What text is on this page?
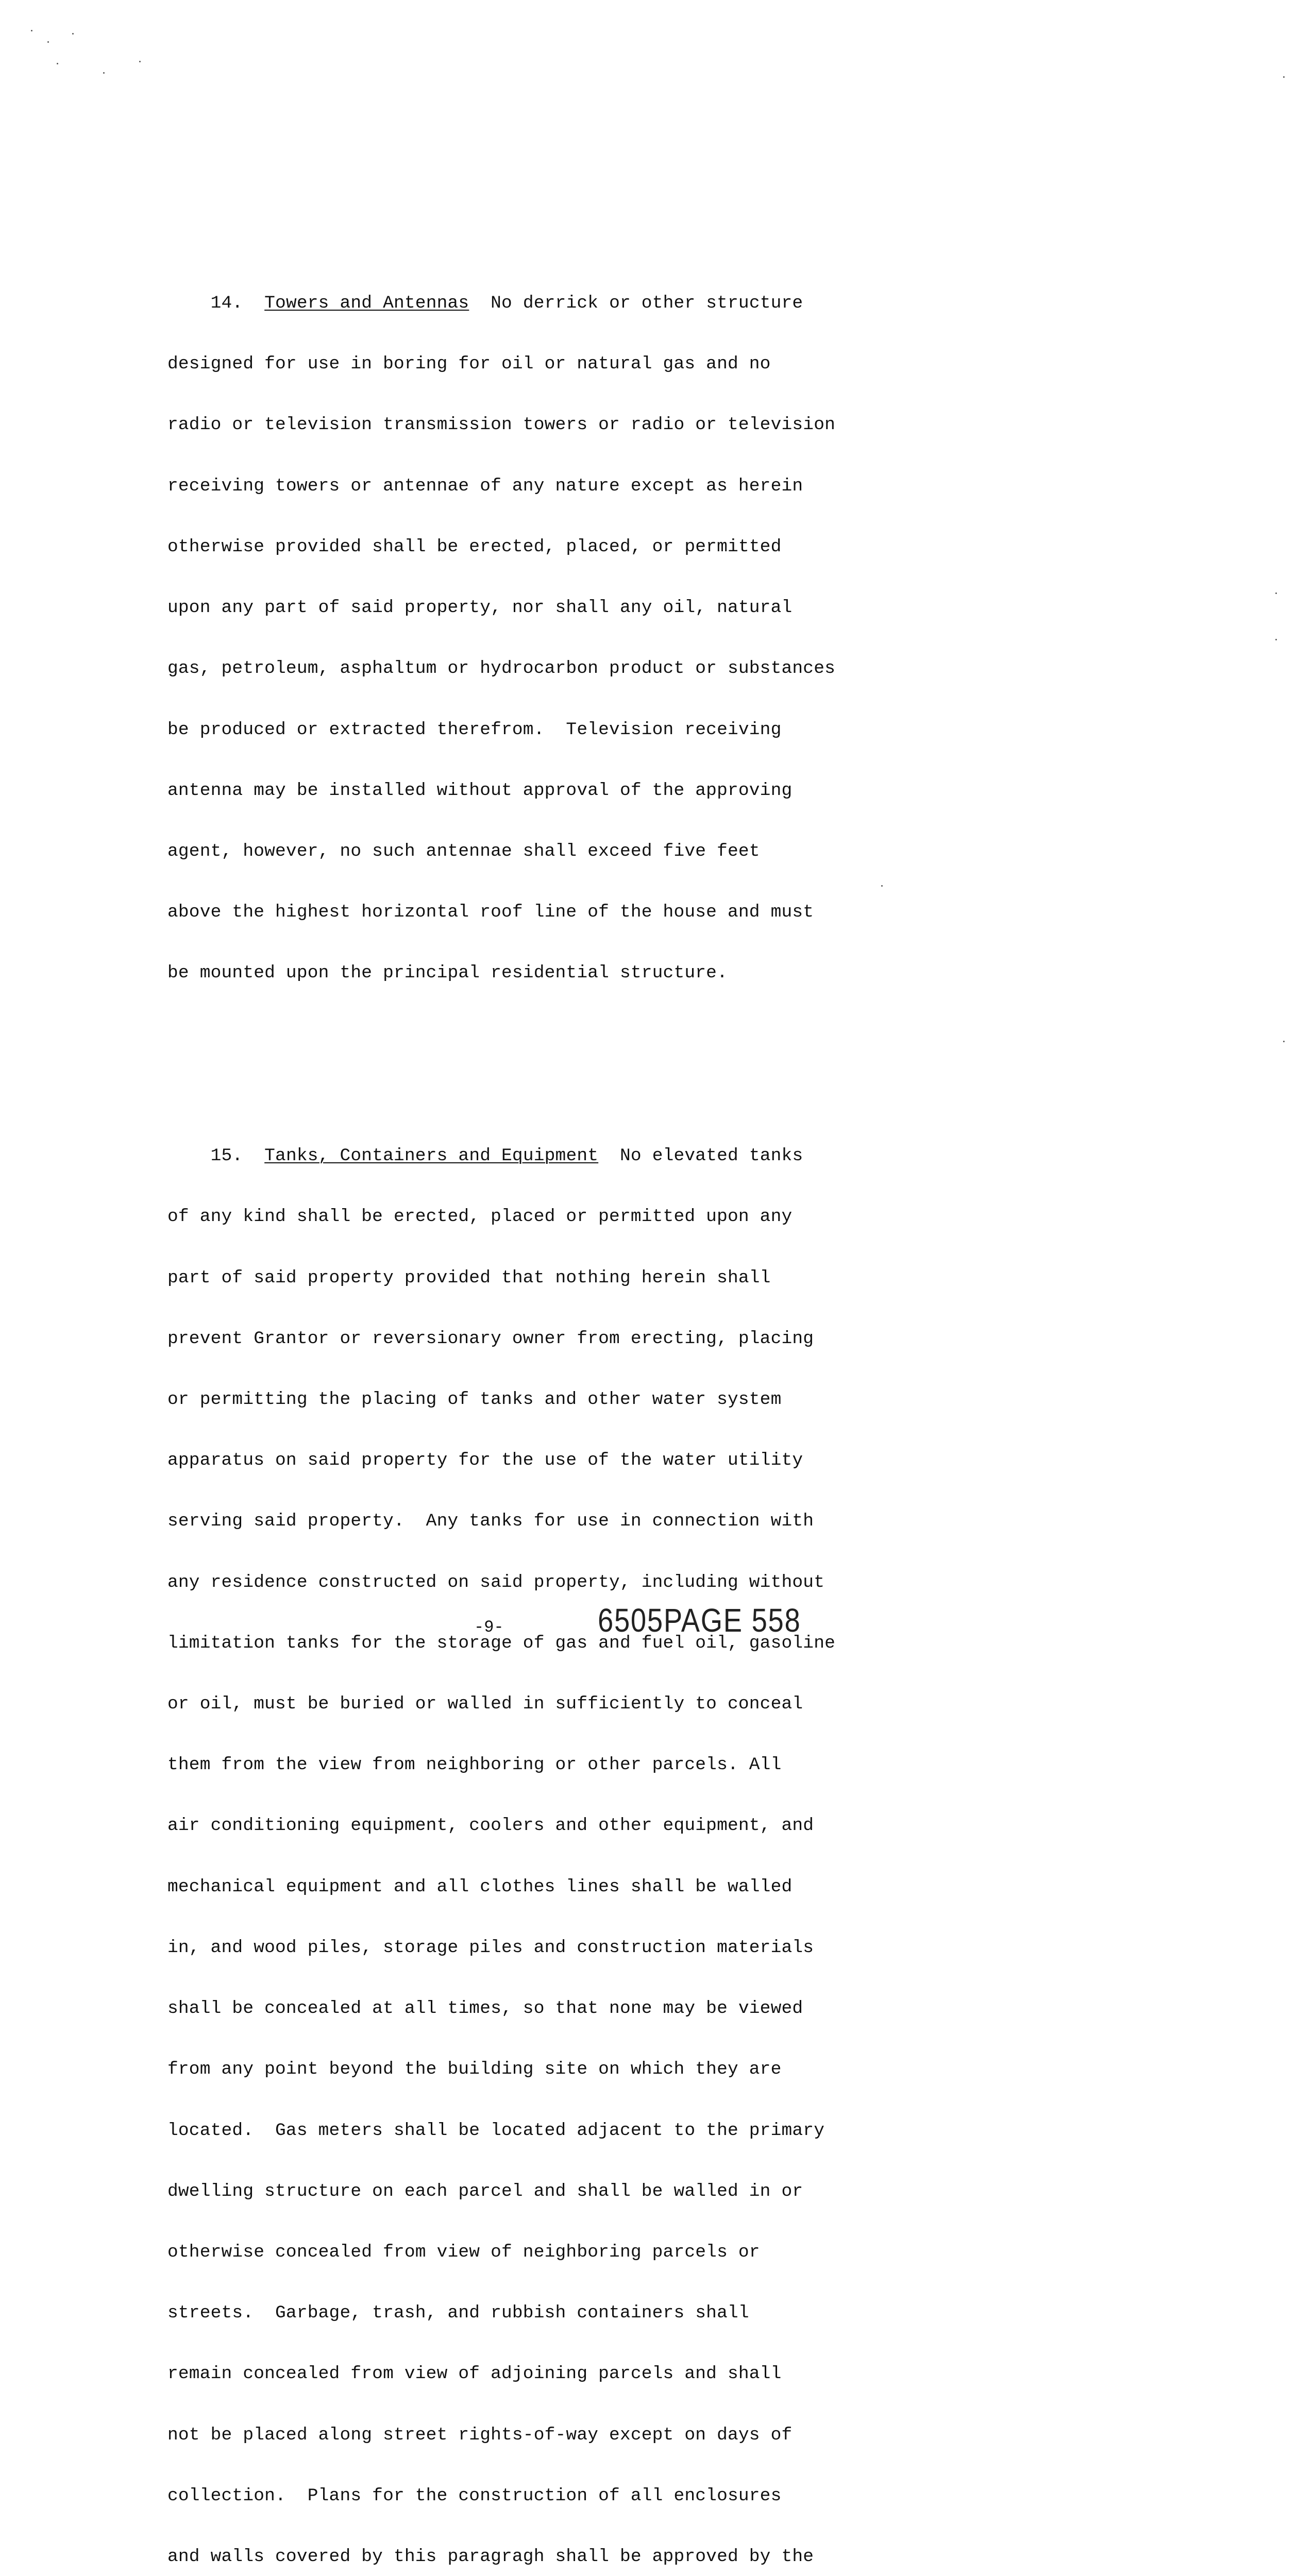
14. Towers and Antennas No derrick or other structure

designed for use in boring for oil or natural gas and no

radio or television transmission towers or radio or television

receiving towers or antennae of any nature except as herein

otherwise provided shall be erected, placed, or permitted

upon any part of said property, nor shall any oil, natural

gas, petroleum, asphaltum or hydrocarbon product or substances

be produced or extracted therefrom.  Television receiving

antenna may be installed without approval of the approving

agent, however, no such antennae shall exceed five feet

above the highest horizontal roof line of the house and must

be mounted upon the principal residential structure.

15. Tanks, Containers and Equipment No elevated tanks

of any kind shall be erected, placed or permitted upon any

part of said property provided that nothing herein shall

prevent Grantor or reversionary owner from erecting, placing

or permitting the placing of tanks and other water system

apparatus on said property for the use of the water utility

serving said property.  Any tanks for use in connection with

any residence constructed on said property, including without

limitation tanks for the storage of gas and fuel oil, gasoline

or oil, must be buried or walled in sufficiently to conceal

them from the view from neighboring or other parcels. All

air conditioning equipment, coolers and other equipment, and

mechanical equipment and all clothes lines shall be walled

in, and wood piles, storage piles and construction materials

shall be concealed at all times, so that none may be viewed

from any point beyond the building site on which they are

located.  Gas meters shall be located adjacent to the primary

dwelling structure on each parcel and shall be walled in or

otherwise concealed from view of neighboring parcels or

streets.  Garbage, trash, and rubbish containers shall

remain concealed from view of adjoining parcels and shall

not be placed along street rights-of-way except on days of

collection.  Plans for the construction of all enclosures

and walls covered by this paragragh shall be approved by the

-9-	6505PAGE 558
